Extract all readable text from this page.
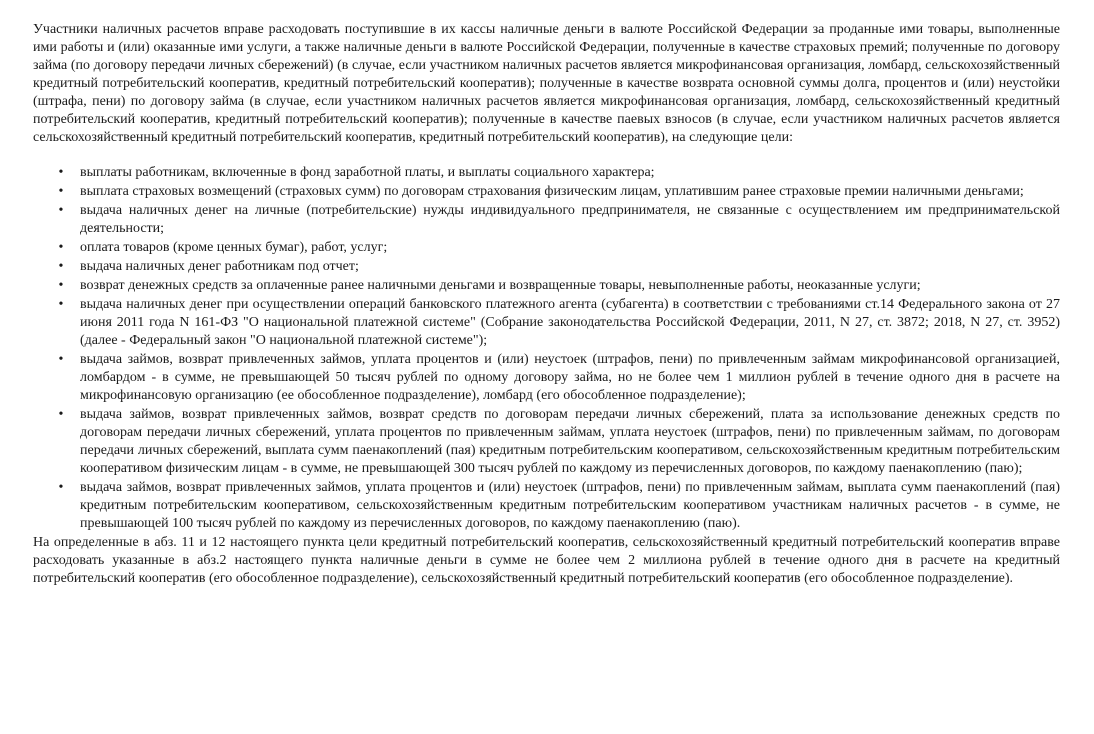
Участники наличных расчетов вправе расходовать поступившие в их кассы наличные деньги в валюте Российской Федерации за проданные ими товары, выполненные ими работы и (или) оказанные ими услуги, а также наличные деньги в валюте Российской Федерации, полученные в качестве страховых премий; полученные по договору займа (по договору передачи личных сбережений) (в случае, если участником наличных расчетов является микрофинансовая организация, ломбард, сельскохозяйственный кредитный потребительский кооператив, кредитный потребительский кооператив); полученные в качестве возврата основной суммы долга, процентов и (или) неустойки (штрафа, пени) по договору займа (в случае, если участником наличных расчетов является микрофинансовая организация, ломбард, сельскохозяйственный кредитный потребительский кооператив, кредитный потребительский кооператив); полученные в качестве паевых взносов (в случае, если участником наличных расчетов является сельскохозяйственный кредитный потребительский кооператив, кредитный потребительский кооператив), на следующие цели:

• выплаты работникам, включенные в фонд заработной платы, и выплаты социального характера;
• выплата страховых возмещений (страховых сумм) по договорам страхования физическим лицам, уплатившим ранее страховые премии наличными деньгами;
• выдача наличных денег на личные (потребительские) нужды индивидуального предпринимателя, не связанные с осуществлением им предпринимательской деятельности;
• оплата товаров (кроме ценных бумаг), работ, услуг;
• выдача наличных денег работникам под отчет;
• возврат денежных средств за оплаченные ранее наличными деньгами и возвращенные товары, невыполненные работы, неоказанные услуги;
• выдача наличных денег при осуществлении операций банковского платежного агента (субагента) в соответствии с требованиями ст.14 Федерального закона от 27 июня 2011 года N 161-ФЗ "О национальной платежной системе" (Собрание законодательства Российской Федерации, 2011, N 27, ст. 3872; 2018, N 27, ст. 3952) (далее - Федеральный закон "О национальной платежной системе");
• выдача займов, возврат привлеченных займов, уплата процентов и (или) неустоек (штрафов, пени) по привлеченным займам микрофинансовой организацией, ломбардом - в сумме, не превышающей 50 тысяч рублей по одному договору займа, но не более чем 1 миллион рублей в течение одного дня в расчете на микрофинансовую организацию (ее обособленное подразделение), ломбард (его обособленное подразделение);
• выдача займов, возврат привлеченных займов, возврат средств по договорам передачи личных сбережений, плата за использование денежных средств по договорам передачи личных сбережений, уплата процентов по привлеченным займам, уплата неустоек (штрафов, пени) по привлеченным займам, по договорам передачи личных сбережений, выплата сумм паенакоплений (пая) кредитным потребительским кооперативом, сельскохозяйственным кредитным потребительским кооперативом физическим лицам - в сумме, не превышающей 300 тысяч рублей по каждому из перечисленных договоров, по каждому паенакоплению (паю);
• выдача займов, возврат привлеченных займов, уплата процентов и (или) неустоек (штрафов, пени) по привлеченным займам, выплата сумм паенакоплений (пая) кредитным потребительским кооперативом, сельскохозяйственным кредитным потребительским кооперативом участникам наличных расчетов - в сумме, не превышающей 100 тысяч рублей по каждому из перечисленных договоров, по каждому паенакоплению (паю).

На определенные в абз. 11 и 12 настоящего пункта цели кредитный потребительский кооператив, сельскохозяйственный кредитный потребительский кооператив вправе расходовать указанные в абз.2 настоящего пункта наличные деньги в сумме не более чем 2 миллиона рублей в течение одного дня в расчете на кредитный потребительский кооператив (его обособленное подразделение), сельскохозяйственный кредитный потребительский кооператив (его обособленное подразделение).
